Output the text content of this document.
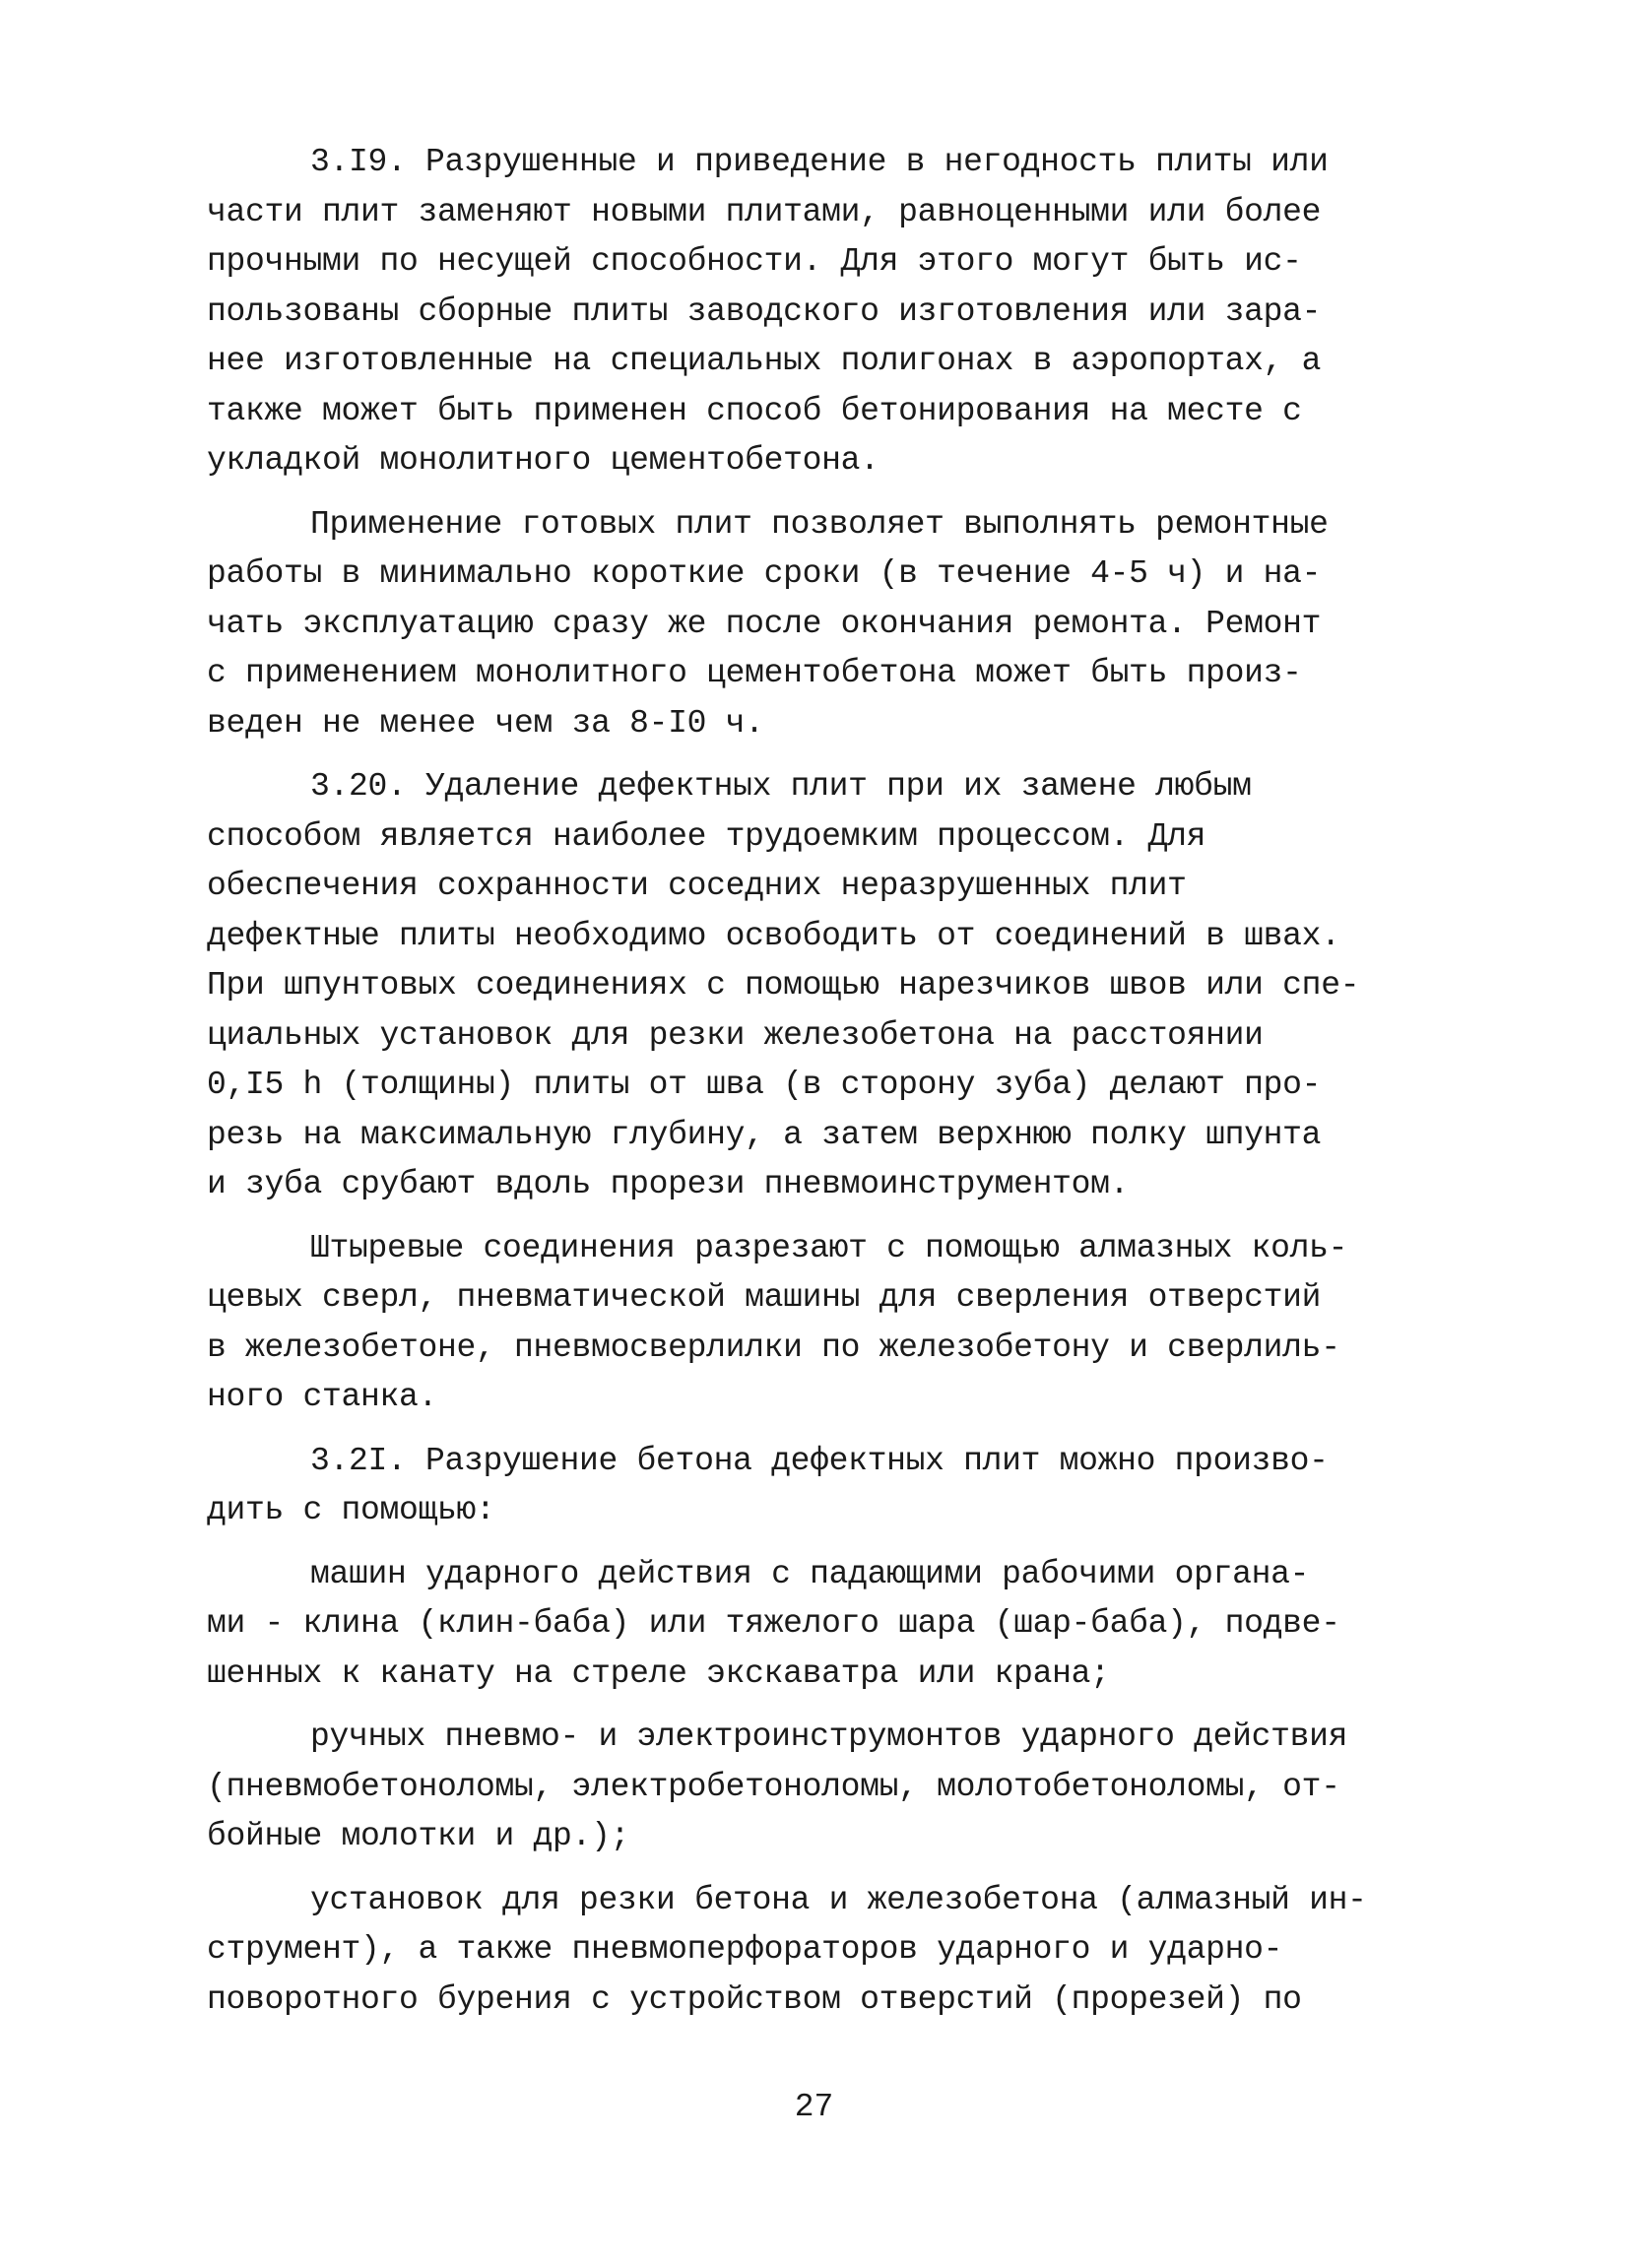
3.I9. Разрушенные и приведение в негодность плиты или
части плит заменяют новыми плитами, равноценными или более
прочными по несущей способности. Для этого могут быть ис-
пользованы сборные плиты заводского изготовления или зара-
нее изготовленные на специальных полигонах в аэропортах, а
также может быть применен способ бетонирования на месте с
укладкой монолитного цементобетона.

Применение готовых плит позволяет выполнять ремонтные
работы в минимально короткие сроки (в течение 4-5 ч) и на-
чать эксплуатацию сразу же после окончания ремонта. Ремонт
с применением монолитного цементобетона может быть произ-
веден не менее чем за 8-I0 ч.

3.20. Удаление дефектных плит при их замене любым
способом является наиболее трудоемким процессом. Для
обеспечения сохранности соседних неразрушенных плит
дефектные плиты необходимо освободить от соединений в швах.
При шпунтовых соединениях с помощью нарезчиков швов или спе-
циальных установок для резки железобетона на расстоянии
0,I5 h (толщины) плиты от шва (в сторону зуба) делают про-
резь на максимальную глубину, а затем верхнюю полку шпунта
и зуба срубают вдоль прорези пневмоинструментом.

Штыревые соединения разрезают с помощью алмазных коль-
цевых сверл, пневматической машины для сверления отверстий
в железобетоне, пневмосверлилки по железобетону и сверлиль-
ного станка.

3.2I. Разрушение бетона дефектных плит можно произво-
дить с помощью:

машин ударного действия с падающими рабочими органа-
ми - клина (клин-баба) или тяжелого шара (шар-баба), подве-
шенных к канату на стреле экскаватра или крана;

ручных пневмо- и электроинструмонтов ударного действия
(пневмобетоноломы, электробетоноломы, молотобетоноломы, от-
бойные молотки и др.);

установок для резки бетона и железобетона (алмазный ин-
струмент), а также пневмоперфораторов ударного и ударно-
поворотного бурения с устройством отверстий (прорезей) по

27
